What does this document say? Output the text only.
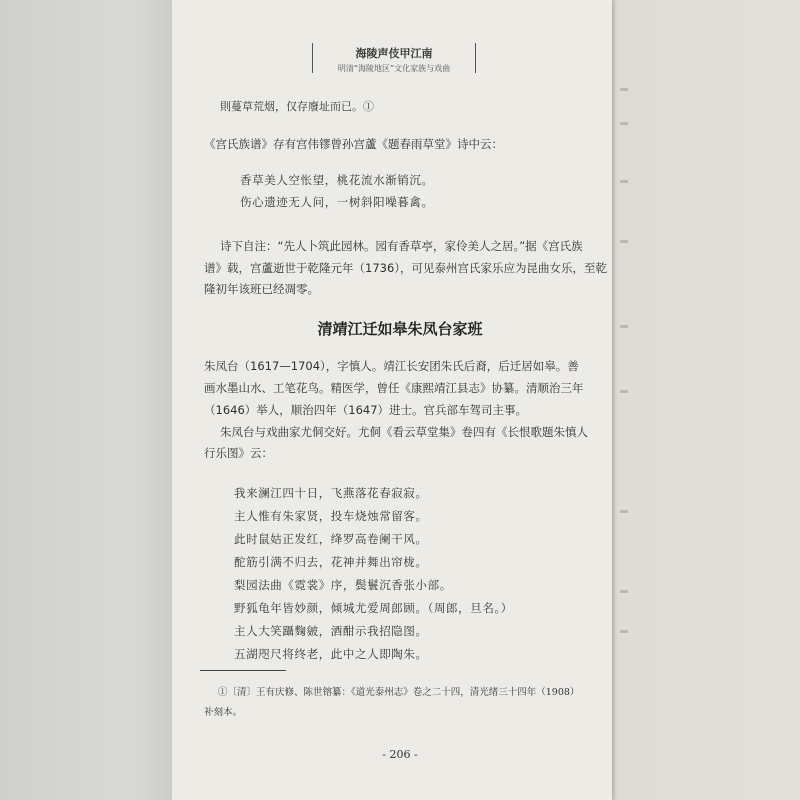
海陵声伎甲江南
明清“海陵地区”文化家族与戏曲
則蔓草荒烟，仅存廢址而已。①
《宫氏族谱》存有宫伟镠曾孙宫蘆《题春雨草堂》诗中云：
香草美人空怅望，桃花流水渐销沉。
伤心遗迹无人问，一树斜阳噪暮禽。
诗下自注：“先人卜筑此园林。园有香草亭，家伶美人之居。”据《宫氏族
谱》载，宫蘆逝世于乾隆元年（1736），可见泰州宫氏家乐应为昆曲女乐，至乾
隆初年该班已经凋零。
清靖江迁如皋朱凤台家班
朱凤台（1617—1704），字慎人。靖江长安团朱氏后裔，后迁居如皋。善
画水墨山水、工笔花鸟。精医学，曾任《康熙靖江县志》协纂。清顺治三年
（1646）举人，顺治四年（1647）进士。官兵部车驾司主事。
朱凤台与戏曲家尤侗交好。尤侗《看云草堂集》卷四有《长恨歌题朱慎人
行乐图》云：
我来澜江四十日，飞燕落花春寂寂。
主人惟有朱家贤，投车烧烛常留客。
此时鼠姑正发红，绛罗高卷阑干风。
酡筋引满不归去，花神并舞出帘栊。
梨园法曲《霓裳》序，鬓鬟沉香张小部。
野狐龟年皆妙颜，倾城尤爱周郎顾。（周郎，旦名。）
主人大笑躡麴皴，酒酣示我招隐图。
五湖咫尺将终老，此中之人即陶朱。
①〔清〕王有庆修、陈世镕纂：《道光泰州志》卷之二十四，清光绪三十四年（1908）
补刻本。
- 206 -
